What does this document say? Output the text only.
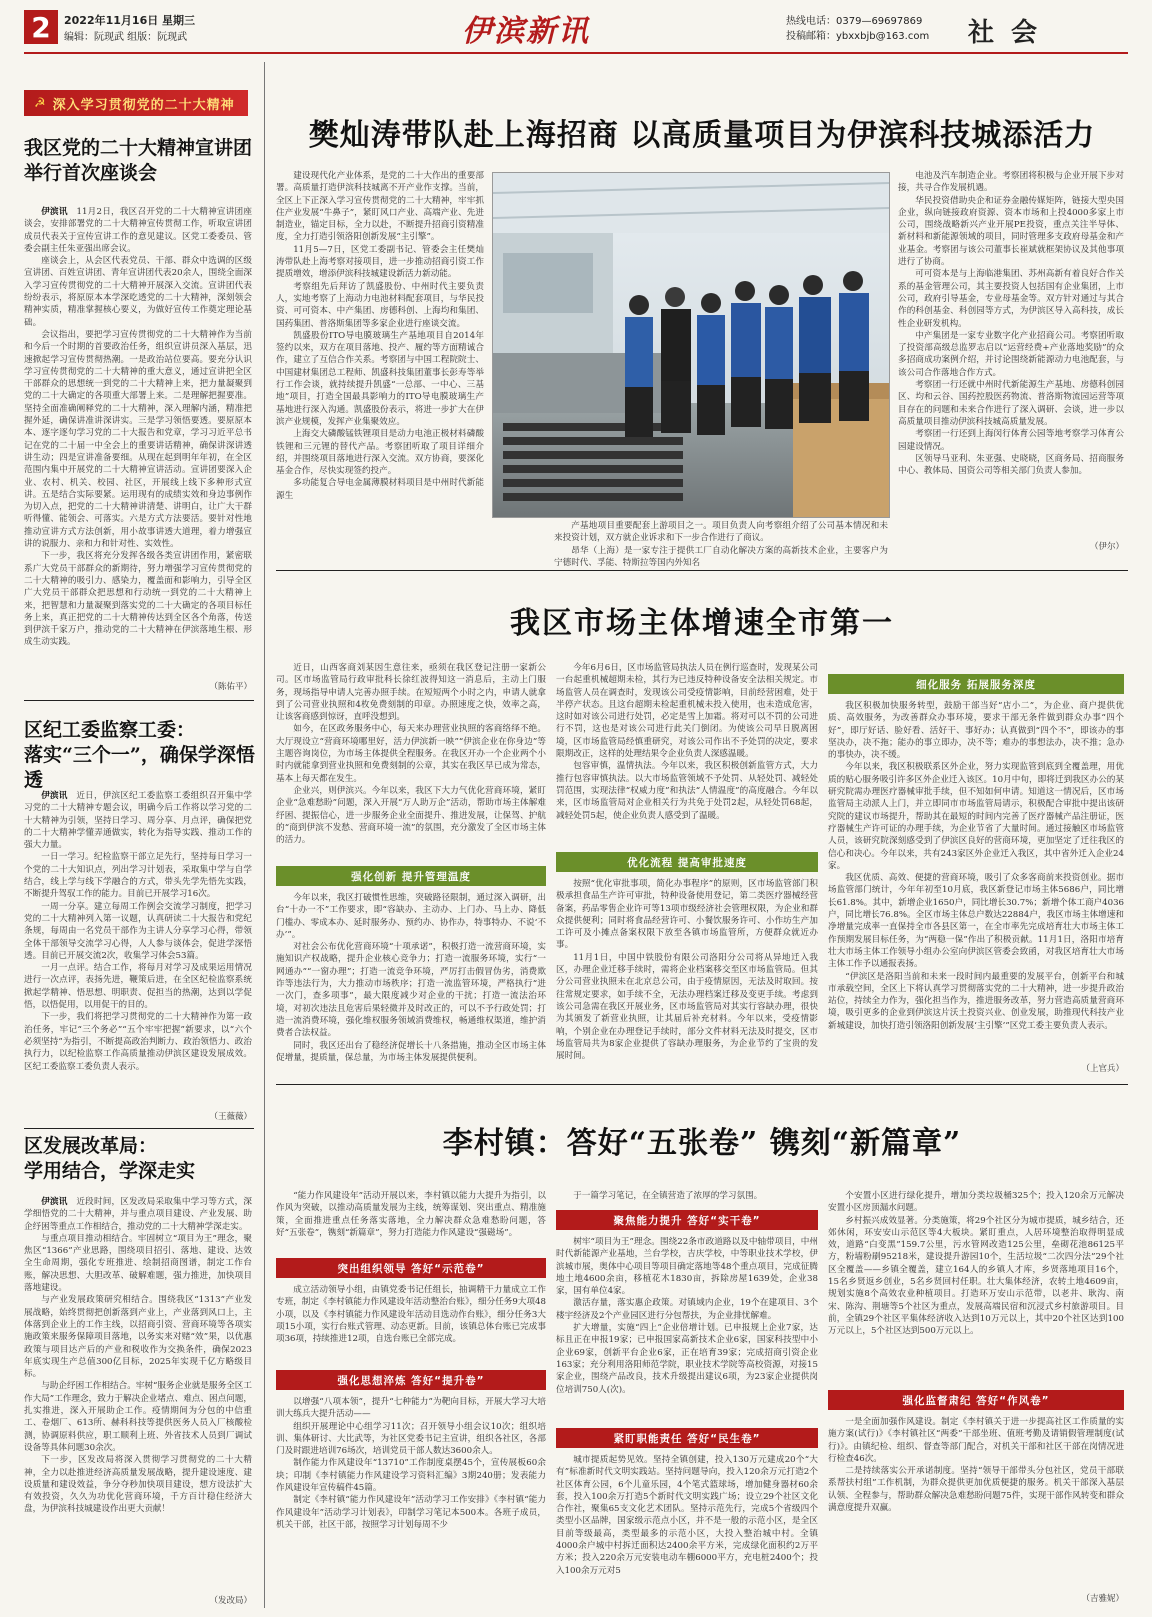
2 2022年11月16日 星期三
编辑：阮现武 组版：阮现武	伊滨新讯	热线电话：0379—69697869
投稿邮箱：ybxxbjb@163.com 社 会
☭ 深入学习贯彻党的二十大精神
我区党的二十大精神宣讲团
举行首次座谈会

伊滨讯　 11月2日，我区召开党的二十大精神宣讲团座谈会，安排部署党的二十大精神宣传贯彻工作，听取宣讲团成员代表关于宣传宣讲工作的意见建议。区党工委委员、管委会副主任朱亚强出席会议。

座谈会上，从会区代表党员、干部、群众中选调的区级宣讲团、百姓宣讲团、青年宣讲团代表20余人，围绕全面深入学习宣传贯彻党的二十大精神开展深入交流。宣讲团代表纷纷表示，将原原本本学深吃透党的二十大精神，深刻领会精神实质，精准掌握核心要义，为做好宣传工作奠定理论基础。

会议指出，要把学习宣传贯彻党的二十大精神作为当前和今后一个时期的首要政治任务，组织宣讲员深入基层，迅速掀起学习宣传贯彻热潮。一是政治站位要高。要充分认识学习宣传贯彻党的二十大精神的重大意义，通过宣讲把全区干部群众的思想统一到党的二十大精神上来，把力量凝聚到党的二十大确定的各项重大部署上来。二是理解把握要准。坚持全面准确阐释党的二十大精神，深入理解内涵，精准把握外延，确保讲准讲深讲实。三是学习领悟要透。要原原本本、逐字逐句学习党的二十大报告和党章，学习习近平总书记在党的二十届一中全会上的重要讲话精神，确保讲深讲透讲生动；四是宣讲准备要细。从现在起到明年年初，在全区范围内集中开展党的二十大精神宣讲活动。宣讲团要深入企业、农村、机关、校园、社区，开展线上线下多种形式宣讲。五是结合实际要紧。运用现有的成绩实效和身边事例作为切入点，把党的二十大精神讲清楚、讲明白，让广大干群听得懂、能领会、可落实。六是方式方法要活。要针对性地推动宣讲方式方法创新，用小故事讲透大道理，着力增强宣讲的说服力、亲和力和针对性、实效性。

下一步，我区将充分发挥各级各类宣讲团作用，紧密联系广大党员干部群众的新期待，努力增强学习宣传贯彻党的二十大精神的吸引力、感染力，覆盖面和影响力，引导全区广大党员干部群众把思想和行动统一到党的二十大精神上来，把智慧和力量凝聚到落实党的二十大确定的各项目标任务上来，真正把党的二十大精神传达到全区各个角落，传送到伊滨千家万户，推动党的二十大精神在伊滨落地生根、形成生动实践。

（陈佑平）
区纪工委监察工委：
落实“三个一”，确保学深悟透

伊滨讯　 近日，伊滨区纪工委监察工委组织召开集中学习党的二十大精神专题会议，明确今后工作将以学习党的二十大精神为引领，坚持日学习、周分享、月点评，确保把党的二十大精神学懂弄通做实，转化为指导实践、推动工作的强大力量。

一日一学习。纪检监察干部立足先行，坚持每日学习一个党的二十大知识点，列出学习计划表，采取集中学与自学结合，线上学与线下学融合的方式，带头先学先悟先实践，不断提升驾驭工作的能力。目前已开展学习16次。

一周一分享。建立每周工作例会交流学习制度，把学习党的二十大精神列入第一议题，认真研读二十大报告和党纪条规，每周由一名党员干部作为主讲人分享学习心得，带领全体干部领导交流学习心得，人人参与谈体会，促进学深悟透。目前已开展交流2次，收集学习体会53篇。

一月一点评。结合工作，将每月对学习及成果运用情况进行一次点评，表扬先进，鞭策后进，在全区纪检监察系统掀起学精神、悟思想、明职责、促担当的热潮，达到以学促悟，以悟促用，以用促干的目的。

下一步，我们将把学习贯彻党的二十大精神作为第一政治任务，牢记“三个务必”“五个牢牢把握”新要求，以“六个必须坚持”为指引，不断提高政治判断力、政治领悟力、政治执行力，以纪检监察工作高质量推动伊滨区建设发展成效。区纪工委监察工委负责人表示。

（王薇薇）
区发展改革局：
学用结合，学深走实

伊滨讯　 近段时间，区发改局采取集中学习等方式，深学细悟党的二十大精神，并与重点项目建设、产业发展、助企纾困等重点工作相结合，推动党的二十大精神学深走实。

与重点项目推动相结合。牢固树立“项目为王”理念，聚焦区“1366”产业思路，围绕项目招引、落地、建设、达效全生命周期，强化专班推进、绘制招商图谱，制定工作台账，解决思想、大胆改革、破解难题，强力推进，加快项目落地建设。

与产业发展政策研究相结合。围绕我区“1313”产业发展战略，始终贯彻把创新落到产业上，产业落到风口上，主体落到企业上的工作主线，以招商引资、营商环境等各项实施政策来服务保障项目落地，以务实来对赌“效”果，以优惠政策与项目达产后的产业和税收作为交换条件，确保2023年底实现生产总值300亿目标，2025年实现千亿方略级目标。

与助企纾困工作相结合。牢树“服务企业就是服务全区工作大局”工作理念，致力于解决企业堵点、难点、困点问题，扎实推进，深入开展助企工作。疫情期间为分包的中信重工、卷烟厂、613所、赫科科技等提供医务人员入厂核酸检测，协调原料供应，职工顺利上班、外省技术人员到厂调试设备等具体问题30余次。

下一步，区发改局将深入贯彻学习贯彻党的二十大精神，全力以赴推进经济高质量发展战略，提升建设速度、建设质量和建设效益，争分夺秒加快项目建设，想方设法扩大有效投资，久久为功优化营商环境，千方百计稳住经济大盘，为伊滨科技城建设作出更大贡献！

（发改局）
樊灿涛带队赴上海招商 以高质量项目为伊滨科技城添活力

建设现代化产业体系，是党的二十大作出的重要部署。高质量打造伊滨科技城离不开产业作支撑。当前，全区上下正深入学习宣传贯彻党的二十大精神，牢牢抓住产业发展“牛鼻子”，紧盯风口产业、高端产业、先进制造业，锚定目标，全力以赴，不断提升招商引资精准度，全力打造引领洛阳创新发展“主引擎”。

11月5—7日，区党工委副书记、管委会主任樊灿涛带队赴上海考察对接项目，进一步推动招商引资工作提质增效，增添伊滨科技城建设新活力新动能。

考察组先后拜访了凯盛股份、中州时代主要负责人，实地考察了上海动力电池材料配套项目，与华民投资、可可资本、中产集团、房德科创、上海均和集团、国药集团、普洛斯集团等多家企业进行座谈交流。

凯盛股份ITO导电膜玻璃生产基地项目自2014年签约以来，双方在项目落地、投产、履约等方面精诚合作，建立了互信合作关系。考察团与中国工程院院士、中国建材集团总工程师、凯盛科技集团董事长彭寿等举行工作会谈，就持续提升凯盛“一总部、一中心、三基地”项目，打造全国最具影响力的ITO导电膜玻璃生产基地进行深入沟通。凯盛股份表示，将进一步扩大在伊滨产业规模，发挥产业集聚效应。

上海交大磷酸锰铁锂项目是动力电池正极材料磷酸铁锂和三元锂的替代产品。考察团听取了项目详细介绍，并围绕项目落地进行深入交流。双方协商，要深化基金合作，尽快实现签约投产。

多功能复合导电金属薄膜材料项目是中州时代新能源生

产基地项目重要配套上游项目之一。项目负责人向考察组介绍了公司基本情况和未来投资计划，双方就企业诉求和下一步合作进行了商议。

昂华（上海）是一家专注于提供工厂自动化解决方案的高新技术企业，主要客户为宁德时代、孚能、特斯拉等国内外知名

电池及汽车制造企业。考察团将积极与企业开展下步对接，共寻合作发展机遇。

华民投资借助央企和证券金融传媒矩阵，链接大型央国企业，纵向链接政府资源、资本市场和上投4000多家上市公司，围绕战略新兴产业开展PE投资，重点关注半导体、新材料和新能源领域的项目，同时管理多支政府母基金和产业基金。考察团与该公司董事长崔斌就框架协议及其他事项进行了协商。

可可资本是与上海临港集团、苏州高新有着良好合作关系的基金管理公司，其主要投资人包括国有企业集团，上市公司，政府引导基金，专业母基金等。双方针对通过与其合作的科创基金、科创园等方式，为伊滨区导入高科技，成长性企业研发机构。

中产集团是一家专业数字化产业招商公司。考察团听取了投资部高级总监罗志启以“运营经费+产业落地奖励”的众多招商成功案例介绍，并讨论围绕新能源动力电池配套，与该公司合作落地合作方式。

考察团一行还就中州时代新能源生产基地、房德科创园区、均和云谷、国药控股医药物流、普洛斯物流园运营等项目存在的问题和未来合作进行了深入调研、会谈，进一步以高质量项目推动伊滨科技城高质量发展。

考察团一行还到上海闵行体育公园等地考察学习体育公园建设情况。

区领导马亚利、朱亚强、史晓晓，区商务局、招商服务中心、教体局、国资公司等相关部门负责人参加。

（伊尔）
我区市场主体增速全市第一

近日，山西客商刘某因生意往来，亟须在我区登记注册一家新公司。区市场监管局行政审批科长徐红波得知这一消息后，主动上门服务，现场指导申请人完善办照手续。在短短两个小时之内，申请人就拿到了公司营业执照和4枚免费刻制的印章。办照速度之快，效率之高，让该客商感到惊讶，直呼没想到。

如今，在区政务服务中心，每天来办理营业执照的客商络绎不绝。大厅现设立“营商环境哪里好，活力伊滨新一映”“伊滨企业在你身边”等主题咨询岗位，为市场主体提供全程服务。在我区开办一个企业两个小时内就能拿到营业执照和免费刻制的公章，其实在我区早已成为常态，基本上每天都在发生。

企业兴，则伊滨兴。今年以来，我区下大力气优化营商环境，紧盯企业“急难愁盼”问题，深入开展“万人助万企”活动，帮助市场主体解难纾困、提振信心，进一步服务企业全面提升、推进发展，让保驾、护航的“商到伊滨不发愁、营商环境一流”的氛围，充分激发了全区市场主体的活力。

强化创新 提升管理温度

今年以来，我区打破惯性思维，突破路径限制，通过深入调研，出台“十办一不”工作要求，即“容缺办、主动办、上门办、马上办、降低门槛办、零成本办、延时服务办、预约办、协作办，特事特办、不说‘不办’”。

对社会公布优化营商环境“十项承诺”，积极打造一流营商环境，实施知识产权战略，提升企业核心竞争力；打造一流服务环境，实行“一网通办”“一窗办理”；打造一流竞争环境，严厉打击假冒伪劣，消费欺诈等违法行为，大力推动市场秩序；打造一流监管环境，严格执行“进一次门，查多项事”，最大限度减少对企业的干扰；打造一流法治环境，对初次违法且危害后果轻微并及时改正的，可以不予行政处罚；打造一流消费环境，强化维权服务领域消费维权，畅通维权渠道，维护消费者合法权益。

同时，我区还出台了稳经济促增长十八条措施，推动全区市场主体促增量，提质量，保总量，为市场主体发展提供便利。

今年6月6日，区市场监管局执法人员在例行巡查时，发现某公司一台起重机械超期未检，其行为已违反特种设备安全法相关规定。市场监管人员在调查时，发现该公司受疫情影响，目前经营困难，处于半停产状态。且这台超期未检起重机械未投入使用，也未造成危害，这时如对该公司进行处罚，必定是雪上加霜。将对可以不罚的公司进行不罚，这也是对该公司进行此关门倒闭。为使该公司早日脱离困境，区市场监管局经慎重研究，对该公司作出不予处罚的决定，要求限期改正，这样的处理结果令企业负责人深感温暖。

包容审慎，温情执法。今年以来，我区积极创新监管方式，大力推行包容审慎执法。以大市场监管领域不予处罚、从轻处罚、减轻处罚范围，实现法律“权威力度”和执法“人情温度”的高度融合。今年以来，区市场监管局对企业相关行为共免于处罚2起，从轻处罚68起，减轻处罚5起，使企业负责人感受到了温暖。

优化流程 提高审批速度

按照“优化审批事项，简化办事程序”的原则，区市场监管部门积极承担食品生产许可审批，特种设备使用登记，第二类医疗器械经营备案，药品零售企业许可等13项市级经济社会管理权限，为企业和群众提供便利；同时将食品经营许可、小餐饮服务许可、小作坊生产加工许可及小摊点备案权限下放至各镇市场监管所，方便群众就近办事。

11月1日，中国中铁股份有限公司洛阳分公司将从异地迁入我区，办理企业迁移手续时，需将企业档案移交至区市场监管局。但其分公司营业执照未在北京总公司，由于疫情原因，无法及时取回。按往常规定要求，如手续不全，无法办理档案迁移及变更手续。考虑到该公司急需在我区开展业务，区市场监管局对其实行容缺办理，很快为其颁发了新营业执照，让其届后补充材料。今年以来，受疫情影响，个别企业在办理登记手续时，部分文件材料无法及时提交，区市场监管局共为8家企业提供了容缺办理服务，为企业节约了宝贵的发展时间。

细化服务 拓展服务深度

我区积极加快服务转型，鼓励干部当好“店小二”，为企业、商户提供优质、高效服务，为改善群众办事环境，要求干部无条件做到群众办事“四个好”，即厅好话、脸好看、活好干、事好办；认真做到“四个不”，即该办的事坚决办，决不拖；能办的事立即办，决不等；难办的事想法办，决不推；急办的事快办，决不缓。

今年以来，我区积极联系区外企业，努力实现监管到底到全覆盖理，用优质的贴心服务吸引许多区外企业迁入该区。10月中旬，即将迁到我区办公的某研究院需办理医疗器械审批手续，但不知如何申请。知道这一情况后，区市场监管局主动派人上门，并立即同市市场监管局请示，积极配合审批中提出该研究院的建议市场提升，帮助其在最短的时间内完善了医疗器械产品注册证，医疗器械生产许可证的办理手续，为企业节省了大量时间。通过接触区市场监管人员，该研究院深刻感受到了伊滨区良好的营商环境，更加坚定了迁往我区的信心和决心。今年以来，共有243家区外企业迁入我区，其中省外迁入企业24家。

我区优质、高效、便捷的营商环境，吸引了众多客商前来投资创业。据市场监管部门统计，今年年初至10月底，我区新登记市场主体5686户，同比增长61.8%。其中，新增企业1650户，同比增长30.7%；新增个体工商户4036户，同比增长76.8%。全区市场主体总户数达22884户，我区市场主体增速和净增量完成率一直保持全市各县区第一，在全市率先完成培育壮大市场主体工作预期发展目标任务，为“两稳一保”作出了积极贡献。11月1日，洛阳市培育壮大市场主体工作领导小组办公室向伊滨区管委会致函，对我区培育壮大市场主体工作予以通报表扬。

“伊滨区是洛阳当前和未来一段时间内最重要的发展平台，创新平台和城市承载空间，全区上下将认真学习贯彻落实党的二十大精神，进一步提升政治站位，持续全力作为，强化担当作为，推进服务改革，努力营造高质量营商环境，吸引更多的企业到伊滨这片沃土投资兴业、创业发展，助推现代科技产业新城建设，加快打造引领洛阳创新发展‘主引擎’”区党工委主要负责人表示。

（上官兵）
李村镇：答好“五张卷” 镌刻“新篇章”

“能力作风建设年”活动开展以来，李村镇以能力大提升为指引，以作风为突破，以推动高质量发展为主线，统筹谋划、突出重点、精准施策，全面推进重点任务落实落地，全力解决群众急难愁盼问题，答好“五张卷”，镌刻“新篇章”，努力打造能力作风建设“强磁场”。

突出组织领导 答好“示范卷”

成立活动领导小组，由镇党委书记任组长，抽调精干力量成立工作专班，制定《李村镇能力作风建设年活动整治台账》，细分任务9大项48小项，以及《李村镇能力作风建设年活动目选动作台账》，细分任务3大项15小项，实行台账式管理、动态更新。目前，该镇总体台账已完成事项36项，持续推进12项，自选台账已全部完成。

强化思想淬炼 答好“提升卷”

以增强“八项本领”，提升“七种能力”为靶向目标，开展大学习大培训大练兵大提升活动——

组织开展理论中心组学习11次；召开领导小组会议10次；组织培训、集体研讨、大比武等，为社区党委书记主宣讲，组织各社区，各部门及时跟进培训76场次，培训党员干部人数达3600余人。

制作能力作风建设年“13710”工作制度桌摆45个，宣传展板60余块；印制《李村镇能力作风建设学习资料汇编》3期240册；发表能力作风建设年宣传稿件45篇。

制定《李村镇“能力作风建设年”活动学习工作安排》《李村镇“能力作风建设年”活动学习计划表》，印制学习笔记本500本。各班子成员，机关干部，社区干部，按照学习计划每周不少

于一篇学习笔记，在全镇营造了浓厚的学习氛围。

聚焦能力提升 答好“实干卷”

树牢“项目为王”理念。围绕22条市政道路以及中轴带项目，中州时代新能源产业基地，兰台学校，吉庆学校，中等职业技术学校，伊滨城市展，奥体中心项目等项目确定落地等48个重点项目，完成征腾地土地4600余亩，移植花木1830亩，拆除房屋1639处，企业38家，国有单位4家。

激活存量，落实惠企政策。对镇域内企业，19个在建项目、3个楼宇经济及2个产业园区进行分包帮扶，为企业排忧解难。

扩大增量，实施“四上”企业倍增计划。已申报规上企业7家，达标且正在申报19家；已申报国家高新技术企业6家，国家科技型中小企业69家，创新平台企业6家，正在培育39家；完成招商引资企业163家；充分利用洛阳师范学院，职业技术学院等高校资源，对接15家企业，围绕产品改良，技术升级提出建议6项，为23家企业提供岗位培训750人(次)。

紧盯职能责任 答好“民生卷”

城市提质起势见效。坚持全镇创建，投入130万元建成20个“大有”标准新时代文明实践站。坚持问题导向，投入120余万元打造2个社区体育公园，6个儿童乐园，4个笔式篮球场，增加健身器材60余套，投入100余万打造5个新时代文明实践广场；设立29个社区文化合作社，聚集65支文化艺术团队。坚持示范先行，完成5个省级四个类型小区品牌，国家级示范点小区，并不是一般的示范小区，是全区目前等级最高，类型最多的示范小区，大投入整治城中村。全镇4000余户城中村拆迁面积达2400余平方米，完成绿化面积约2万平方米；投入220余万元安装电动车棚6000平方，充电桩2400个；投入100余万元对5

个安置小区进行绿化提升，增加分类垃圾桶325个；投入120余万元解决安置小区房顶漏水问题。

乡村振兴成效显著。分类施策，将29个社区分为城市提质，城乡结合，还郊休闲，环安安山示范区等4大板块。紧盯重点，人居环境整治取得明显成效，道路“白变黑”159.7公里，污水管网改造125公里，垒砌花池86125平方，粉墙粉刷95218米，建设提升游园10个，生活垃圾“二次四分法”29个社区全覆盖——乡镇全覆盖，建立164人的乡镇人才库，乡贤落地项目16个，15名乡贤返乡创业，5名乡贤回村任职。壮大集体经济，农转土地4609亩，规划实施8个高效农业种植项目。打造环万安山示范带，以老井、耿沟、南宋、陈沟、荆塘等5个社区为重点，发展高端民宿和沉浸式乡村旅游项目。目前，全镇29个社区平集体经济收入达到10万元以上，其中20个社区达到100万元以上，5个社区达到500万元以上。

强化监督肃纪 答好“作风卷”

一是全面加强作风建设。制定《李村镇关于进一步提高社区工作质量的实施方案(试行)》《李村镇社区“两委”干部坐班、值班考勤及请销假管理制度(试行)》。由镇纪检、组织、督查等部门配合，对机关干部和社区干部在岗情况进行检查46次。

二是持续落实公开承诺制度。坚持“领导干部带头分包社区，党员干部联系帮扶村组”工作机制，为群众提供更加优质便捷的服务。机关干部深入基层认领、全程参与，帮助群众解决急难愁盼问题75件，实现干部作风转变和群众满意度提升双赢。

（吉雅妮）
